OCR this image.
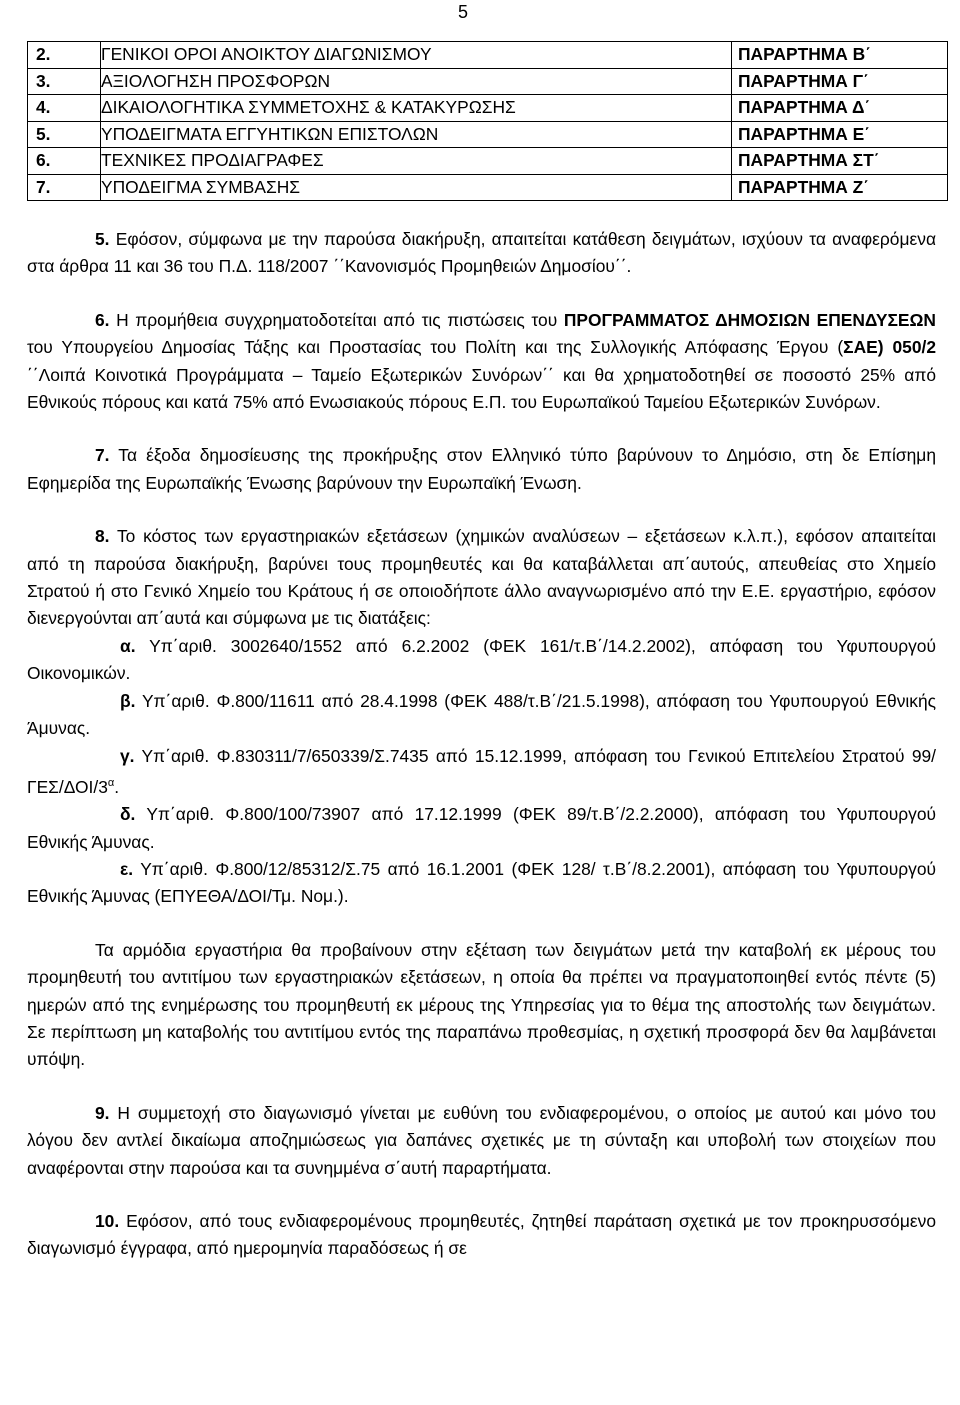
5
2.	ΓΕΝΙΚΟΙ ΟΡΟΙ ΑΝΟΙΚΤΟΥ ΔΙΑΓΩΝΙΣΜΟΥ	ΠΑΡΑΡΤΗΜΑ Β΄
3.	ΑΞΙΟΛΟΓΗΣΗ ΠΡΟΣΦΟΡΩΝ	ΠΑΡΑΡΤΗΜΑ Γ΄
4.	ΔΙΚΑΙΟΛΟΓΗΤΙΚΑ ΣΥΜΜΕΤΟΧΗΣ & ΚΑΤΑΚΥΡΩΣΗΣ	ΠΑΡΑΡΤΗΜΑ Δ΄
5.	ΥΠΟΔΕΙΓΜΑΤΑ ΕΓΓΥΗΤΙΚΩΝ ΕΠΙΣΤΟΛΩΝ	ΠΑΡΑΡΤΗΜΑ Ε΄
6.	ΤΕΧΝΙΚΕΣ ΠΡΟΔΙΑΓΡΑΦΕΣ	ΠΑΡΑΡΤΗΜΑ ΣΤ΄
7.	ΥΠΟΔΕΙΓΜΑ ΣΥΜΒΑΣΗΣ	ΠΑΡΑΡΤΗΜΑ Ζ΄

5. Εφόσον, σύμφωνα με την παρούσα διακήρυξη, απαιτείται κατάθεση δειγμάτων, ισχύουν τα αναφερόμενα στα άρθρα 11 και 36 του Π.Δ. 118/2007 ΄΄Κανονισμός Προμηθειών Δημοσίου΄΄.

6. Η προμήθεια συγχρηματοδοτείται από τις πιστώσεις του ΠΡΟΓΡΑΜΜΑΤΟΣ ΔΗΜΟΣΙΩΝ ΕΠΕΝΔΥΣΕΩΝ του Υπουργείου Δημοσίας Τάξης και Προστασίας του Πολίτη και της Συλλογικής Απόφασης Έργου (ΣΑΕ) 050/2 ΄΄Λοιπά Κοινοτικά Προγράμματα – Ταμείο Εξωτερικών Συνόρων΄΄ και θα χρηματοδοτηθεί σε ποσοστό 25% από Εθνικούς πόρους και κατά 75% από Ενωσιακούς πόρους Ε.Π. του Ευρωπαϊκού Ταμείου Εξωτερικών Συνόρων.

7. Τα έξοδα δημοσίευσης της προκήρυξης στον Ελληνικό τύπο βαρύνουν το Δημόσιο, στη δε Επίσημη Εφημερίδα της Ευρωπαϊκής Ένωσης βαρύνουν την Ευρωπαϊκή Ένωση.

8. Το κόστος των εργαστηριακών εξετάσεων (χημικών αναλύσεων – εξετάσεων κ.λ.π.), εφόσον απαιτείται από τη παρούσα διακήρυξη, βαρύνει τους προμηθευτές και θα καταβάλλεται απ΄αυτούς, απευθείας στο Χημείο Στρατού ή στο Γενικό Χημείο του Κράτους ή σε οποιοδήποτε άλλο αναγνωρισμένο από την Ε.Ε. εργαστήριο, εφόσον διενεργούνται απ΄αυτά και σύμφωνα με τις διατάξεις:

α. Υπ΄αριθ. 3002640/1552 από 6.2.2002 (ΦΕΚ 161/τ.Β΄/14.2.2002), απόφαση του Υφυπουργού Οικονομικών.

β. Υπ΄αριθ. Φ.800/11611 από 28.4.1998 (ΦΕΚ 488/τ.Β΄/21.5.1998), απόφαση του Υφυπουργού Εθνικής Άμυνας.

γ. Υπ΄αριθ. Φ.830311/7/650339/Σ.7435 από 15.12.1999, απόφαση του Γενικού Επιτελείου Στρατού $99/\Gamma E\Sigma/\Delta OI/3^\alpha$.

δ. Υπ΄αριθ. Φ.800/100/73907 από 17.12.1999 (ΦΕΚ 89/τ.Β΄/2.2.2000), απόφαση του Υφυπουργού Εθνικής Άμυνας.

ε. Υπ΄αριθ. Φ.800/12/85312/Σ.75 από 16.1.2001 (ΦΕΚ 128/ τ.Β΄/8.2.2001), απόφαση του Υφυπουργού Εθνικής Άμυνας (ΕΠΥΕΘΑ/ΔΟΙ/Τμ. Νομ.).

Τα αρμόδια εργαστήρια θα προβαίνουν στην εξέταση των δειγμάτων μετά την καταβολή εκ μέρους του προμηθευτή του αντιτίμου των εργαστηριακών εξετάσεων, η οποία θα πρέπει να πραγματοποιηθεί εντός πέντε (5) ημερών από της ενημέρωσης του προμηθευτή εκ μέρους της Υπηρεσίας για το θέμα της αποστολής των δειγμάτων. Σε περίπτωση μη καταβολής του αντιτίμου εντός της παραπάνω προθεσμίας, η σχετική προσφορά δεν θα λαμβάνεται υπόψη.

9. Η συμμετοχή στο διαγωνισμό γίνεται με ευθύνη του ενδιαφερομένου, ο οποίος με αυτού και μόνο του λόγου δεν αντλεί δικαίωμα αποζημιώσεως για δαπάνες σχετικές με τη σύνταξη και υποβολή των στοιχείων που αναφέρονται στην παρούσα και τα συνημμένα σ΄αυτή παραρτήματα.

10. Εφόσον, από τους ενδιαφερομένους προμηθευτές, ζητηθεί παράταση σχετικά με τον προκηρυσσόμενο διαγωνισμό έγγραφα, από ημερομηνία παραδόσεως ή σε
